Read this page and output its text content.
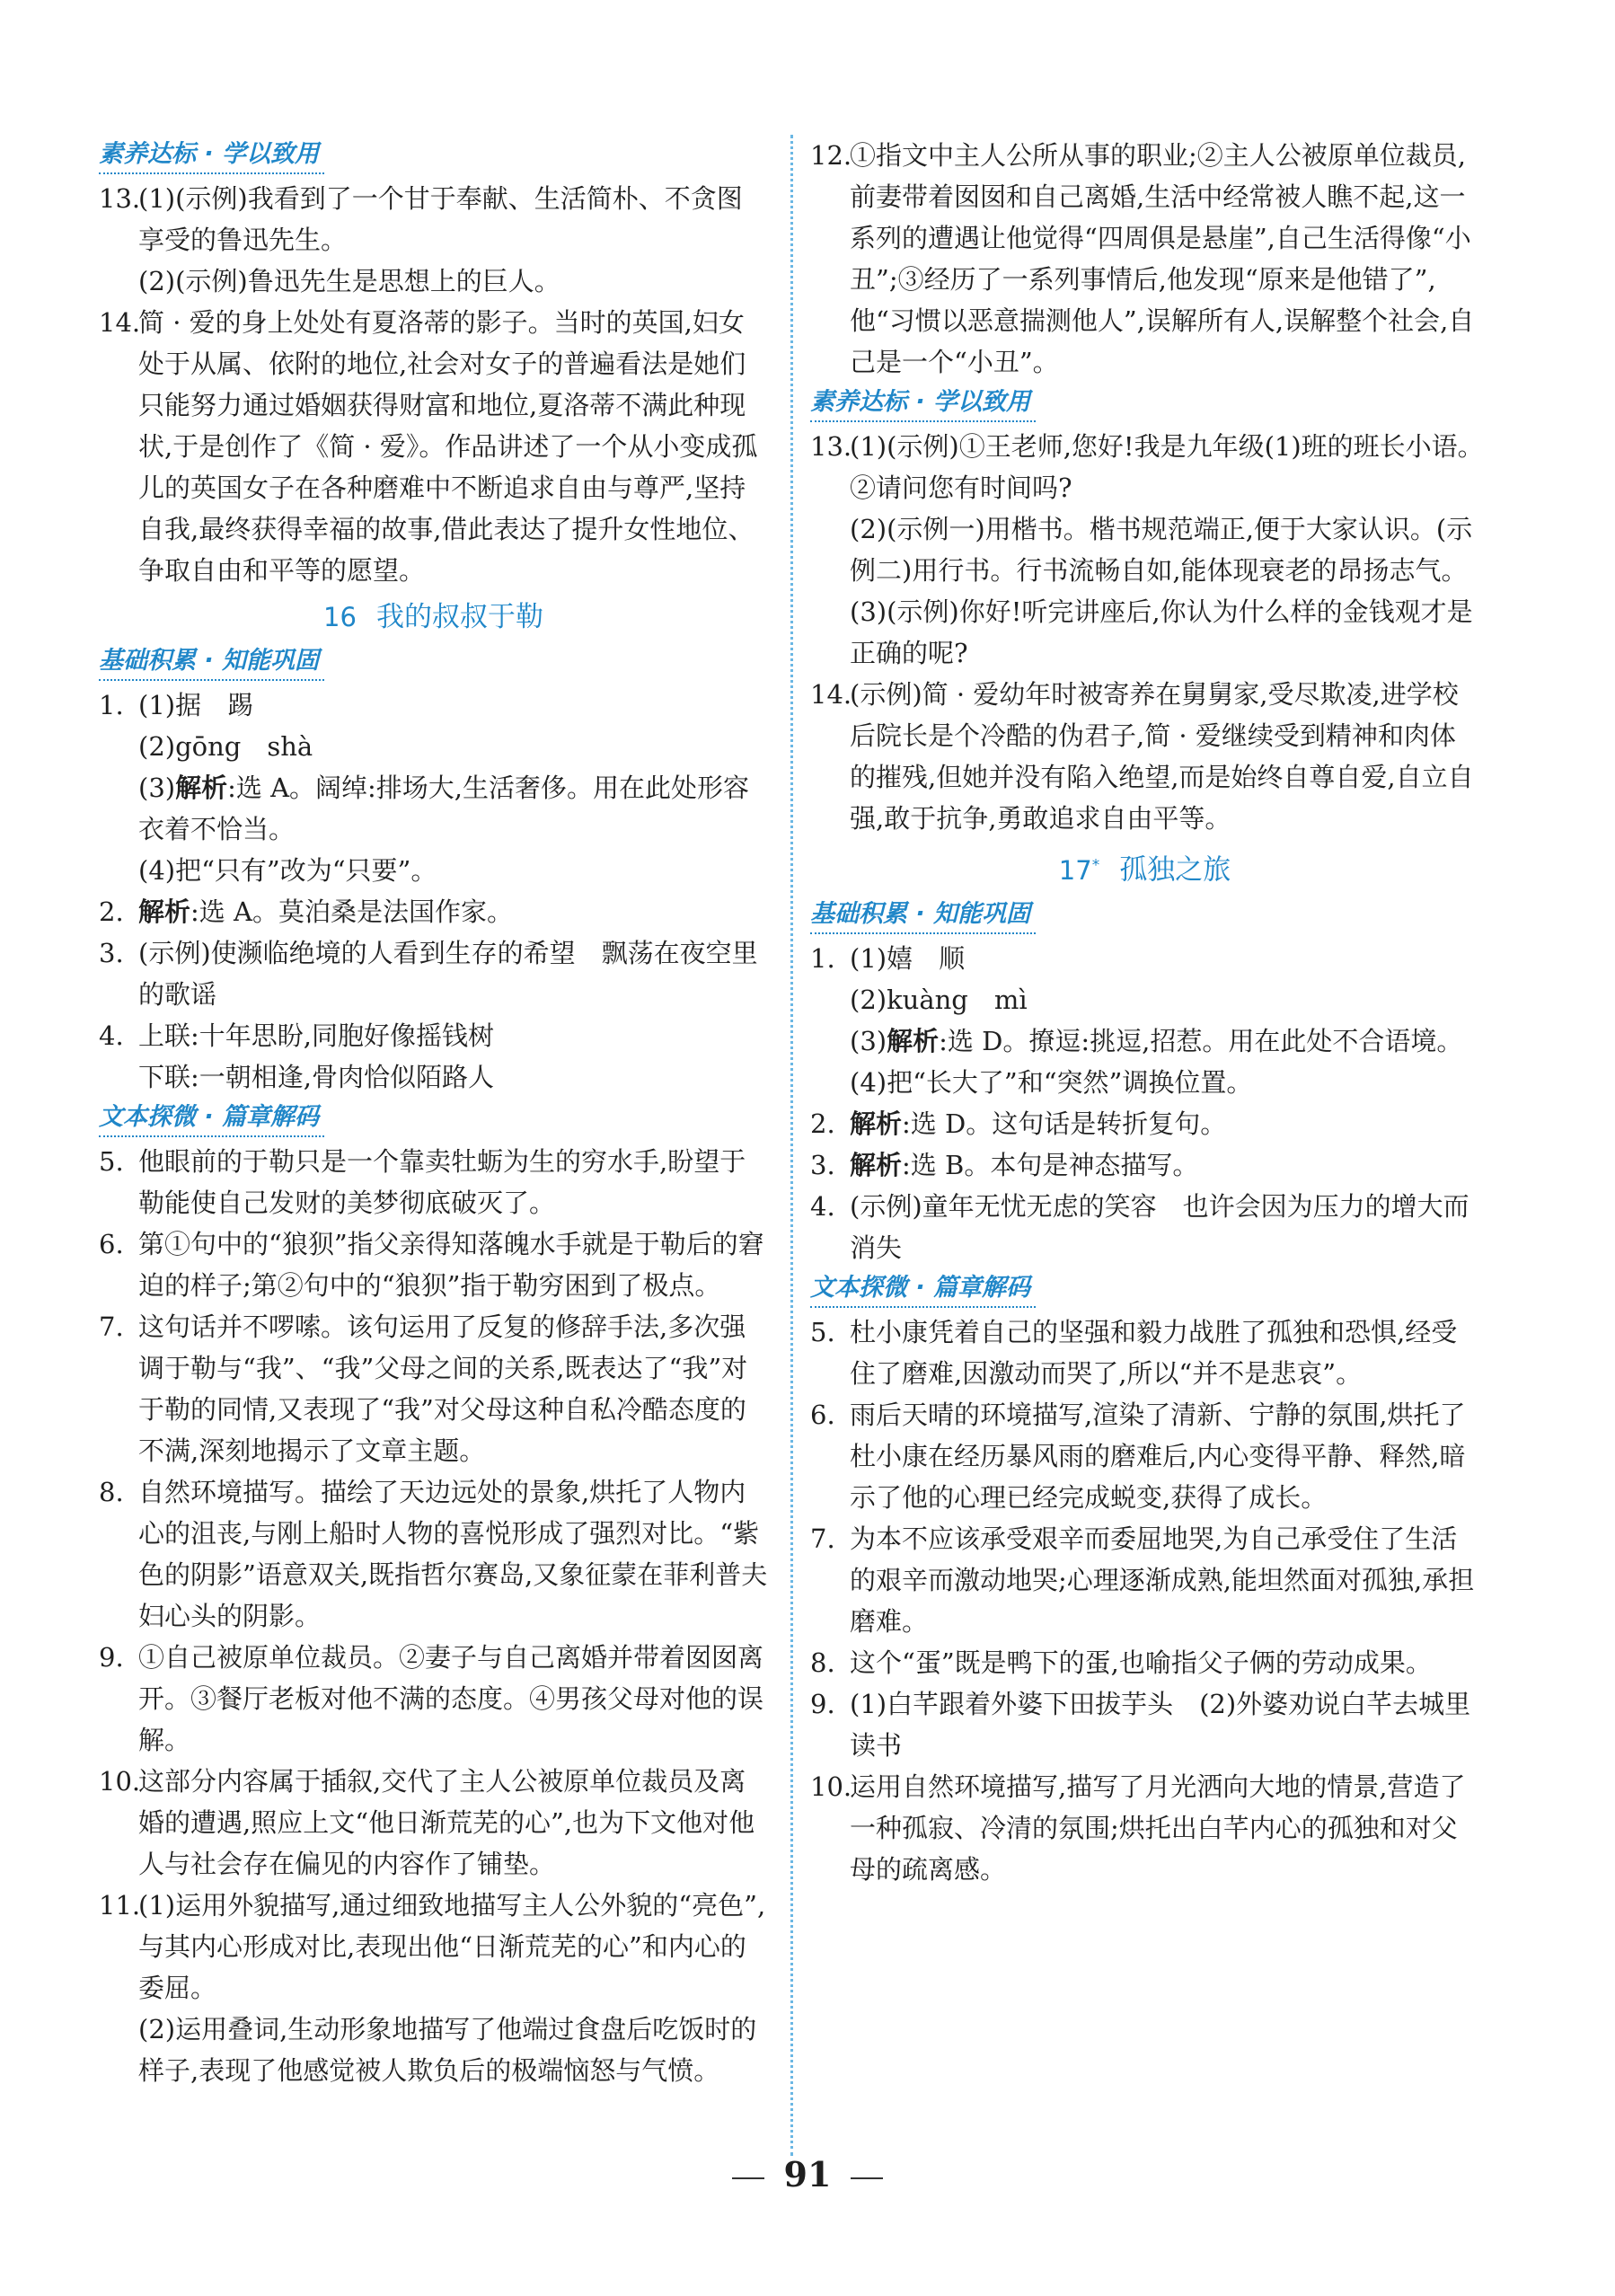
素养达标 · 学以致用
13.
(1)(示例)我看到了一个甘于奉献、生活简朴、不贪图享受的鲁迅先生。
(2)(示例)鲁迅先生是思想上的巨人。
14.
简 · 爱的身上处处有夏洛蒂的影子。当时的英国,妇女处于从属、依附的地位,社会对女子的普遍看法是她们只能努力通过婚姻获得财富和地位,夏洛蒂不满此种现状,于是创作了《简 · 爱》。作品讲述了一个从小变成孤儿的英国女子在各种磨难中不断追求自由与尊严,坚持自我,最终获得幸福的故事,借此表达了提升女性地位、争取自由和平等的愿望。
16 我的叔叔于勒
基础积累 · 知能巩固
1. (1)据　踢
(2)gōng　shà
(3)解析:选 A。阔绰:排场大,生活奢侈。用在此处形容衣着不恰当。
(4)把“只有”改为“只要”。
2. 解析:选 A。莫泊桑是法国作家。
3. (示例)使濒临绝境的人看到生存的希望　飘荡在夜空里的歌谣
4. 上联:十年思盼,同胞好像摇钱树
下联:一朝相逢,骨肉恰似陌路人
文本探微 · 篇章解码
5. 他眼前的于勒只是一个靠卖牡蛎为生的穷水手,盼望于勒能使自己发财的美梦彻底破灭了。
6. 第①句中的“狼狈”指父亲得知落魄水手就是于勒后的窘迫的样子;第②句中的“狼狈”指于勒穷困到了极点。
7. 这句话并不啰嗦。该句运用了反复的修辞手法,多次强调于勒与“我”、“我”父母之间的关系,既表达了“我”对于勒的同情,又表现了“我”对父母这种自私冷酷态度的不满,深刻地揭示了文章主题。
8. 自然环境描写。描绘了天边远处的景象,烘托了人物内心的沮丧,与刚上船时人物的喜悦形成了强烈对比。“紫色的阴影”语意双关,既指哲尔赛岛,又象征蒙在菲利普夫妇心头的阴影。
9. ①自己被原单位裁员。②妻子与自己离婚并带着囡囡离开。③餐厅老板对他不满的态度。④男孩父母对他的误解。
10.
这部分内容属于插叙,交代了主人公被原单位裁员及离婚的遭遇,照应上文“他日渐荒芜的心”,也为下文他对他人与社会存在偏见的内容作了铺垫。
11.
(1)运用外貌描写,通过细致地描写主人公外貌的“亮色”,与其内心形成对比,表现出他“日渐荒芜的心”和内心的委屈。
(2)运用叠词,生动形象地描写了他端过食盘后吃饭时的样子,表现了他感觉被人欺负后的极端恼怒与气愤。
12.
①指文中主人公所从事的职业;②主人公被原单位裁员,前妻带着囡囡和自己离婚,生活中经常被人瞧不起,这一系列的遭遇让他觉得“四周俱是悬崖”,自己生活得像“小丑”;③经历了一系列事情后,他发现“原来是他错了”,他“习惯以恶意揣测他人”,误解所有人,误解整个社会,自己是一个“小丑”。
素养达标 · 学以致用
13.
(1)(示例)①王老师,您好!我是九年级(1)班的班长小语。　②请问您有时间吗?
(2)(示例一)用楷书。楷书规范端正,便于大家认识。(示例二)用行书。行书流畅自如,能体现衰老的昂扬志气。
(3)(示例)你好!听完讲座后,你认为什么样的金钱观才是正确的呢?
14.
(示例)简 · 爱幼年时被寄养在舅舅家,受尽欺凌,进学校后院长是个冷酷的伪君子,简 · 爱继续受到精神和肉体的摧残,但她并没有陷入绝望,而是始终自尊自爱,自立自强,敢于抗争,勇敢追求自由平等。
17* 孤独之旅
基础积累 · 知能巩固
1. (1)嬉　顺
(2)kuàng　mì
(3)解析:选 D。撩逗:挑逗,招惹。用在此处不合语境。
(4)把“长大了”和“突然”调换位置。
2. 解析:选 D。这句话是转折复句。
3. 解析:选 B。本句是神态描写。
4. (示例)童年无忧无虑的笑容　也许会因为压力的增大而消失
文本探微 · 篇章解码
5. 杜小康凭着自己的坚强和毅力战胜了孤独和恐惧,经受住了磨难,因激动而哭了,所以“并不是悲哀”。
6. 雨后天晴的环境描写,渲染了清新、宁静的氛围,烘托了杜小康在经历暴风雨的磨难后,内心变得平静、释然,暗示了他的心理已经完成蜕变,获得了成长。
7. 为本不应该承受艰辛而委屈地哭,为自己承受住了生活的艰辛而激动地哭;心理逐渐成熟,能坦然面对孤独,承担磨难。
8. 这个“蛋”既是鸭下的蛋,也喻指父子俩的劳动成果。
9. (1)白芊跟着外婆下田拔芋头　(2)外婆劝说白芊去城里读书
10.
运用自然环境描写,描写了月光洒向大地的情景,营造了一种孤寂、冷清的氛围;烘托出白芊内心的孤独和对父母的疏离感。
91
